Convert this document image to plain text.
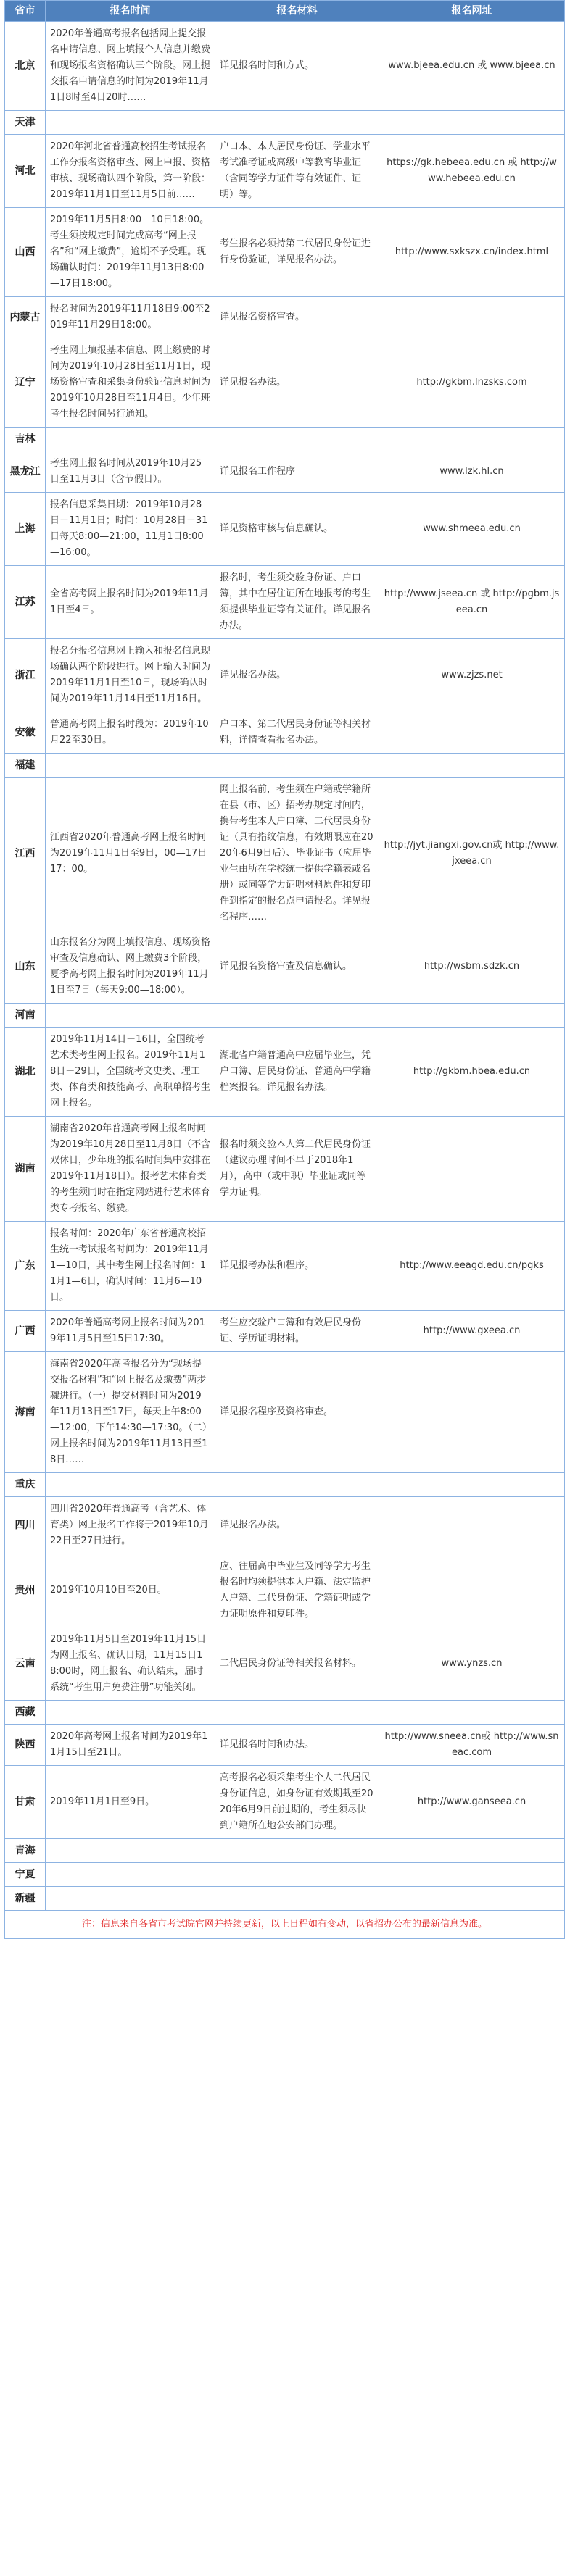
省市	报名时间	报名材料	报名网址
北京	2020年普通高考报名包括网上提交报名申请信息、网上填报个人信息并缴费和现场报名资格确认三个阶段。网上提交报名申请信息的时间为2019年11月1日8时至4日20时……	详见报名时间和方式。	www.bjeea.edu.cn 或 www.bjeea.cn
天津			
河北	2020年河北省普通高校招生考试报名工作分报名资格审查、网上申报、资格审核、现场确认四个阶段，第一阶段：2019年11月1日至11月5日前……	户口本、本人居民身份证、学业水平考试准考证或高级中等教育毕业证（含同等学力证件等有效证件、证明）等。	https://gk.hebeea.edu.cn 或 http://www.hebeea.edu.cn
山西	2019年11月5日8:00—10日18:00。考生须按规定时间完成高考“网上报名”和“网上缴费”，逾期不予受理。现场确认时间：2019年11月13日8:00—17日18:00。	考生报名必须持第二代居民身份证进行身份验证，详见报名办法。	http://www.sxkszx.cn/index.html
内蒙古	报名时间为2019年11月18日9:00至2019年11月29日18:00。	详见报名资格审查。	
辽宁	考生网上填报基本信息、网上缴费的时间为2019年10月28日至11月1日，现场资格审查和采集身份验证信息时间为2019年10月28日至11月4日。少年班考生报名时间另行通知。	详见报名办法。	http://gkbm.lnzsks.com
吉林			
黑龙江	考生网上报名时间从2019年10月25日至11月3日（含节假日）。	详见报名工作程序	www.lzk.hl.cn
上海	报名信息采集日期：2019年10月28日－11月1日；时间：10月28日－31日每天8:00—21:00，11月1日8:00—16:00。	详见资格审核与信息确认。	www.shmeea.edu.cn
江苏	全省高考网上报名时间为2019年11月1日至4日。	报名时，考生须交验身份证、户口簿，其中在居住证所在地报考的考生须提供毕业证等有关证件。详见报名办法。	http://www.jseea.cn 或 http://pgbm.jseea.cn
浙江	报名分报名信息网上输入和报名信息现场确认两个阶段进行。网上输入时间为2019年11月1日至10日，现场确认时间为2019年11月14日至11月16日。	详见报名办法。	www.zjzs.net
安徽	普通高考网上报名时段为：2019年10月22至30日。	户口本、第二代居民身份证等相关材料，详情查看报名办法。	
福建			
江西	江西省2020年普通高考网上报名时间为2019年11月1日至9日，00—17日17：00。	网上报名前，考生须在户籍或学籍所在县（市、区）招考办规定时间内，携带考生本人户口簿、二代居民身份证（具有指纹信息，有效期限应在2020年6月9日后）、毕业证书（应届毕业生由所在学校统一提供学籍表或名册）或同等学力证明材料原件和复印件到指定的报名点申请报名。详见报名程序……	http://jyt.jiangxi.gov.cn或 http://www.jxeea.cn
山东	山东报名分为网上填报信息、现场资格审查及信息确认、网上缴费3个阶段，夏季高考网上报名时间为2019年11月1日至7日（每天9:00—18:00）。	详见报名资格审查及信息确认。	http://wsbm.sdzk.cn
河南			
湖北	2019年11月14日－16日，全国统考艺术类考生网上报名。2019年11月18日－29日，全国统考文史类、理工类、体育类和技能高考、高职单招考生网上报名。	湖北省户籍普通高中应届毕业生，凭户口簿、居民身份证、普通高中学籍档案报名。详见报名办法。	http://gkbm.hbea.edu.cn
湖南	湖南省2020年普通高考网上报名时间为2019年10月28日至11月8日（不含双休日，少年班的报名时间集中安排在2019年11月18日）。报考艺术体育类的考生须同时在指定网站进行艺术体育类专考报名、缴费。	报名时须交验本人第二代居民身份证（建议办理时间不早于2018年1月），高中（或中职）毕业证或同等学力证明。	
广东	报名时间：2020年广东省普通高校招生统一考试报名时间为：2019年11月1—10日，其中考生网上报名时间：11月1—6日，确认时间：11月6—10日。	详见报考办法和程序。	http://www.eeagd.edu.cn/pgks
广西	2020年普通高考网上报名时间为2019年11月5日至15日17:30。	考生应交验户口簿和有效居民身份证、学历证明材料。	http://www.gxeea.cn
海南	海南省2020年高考报名分为“现场提交报名材料”和“网上报名及缴费”两步骤进行。（一）提交材料时间为2019年11月13日至17日，每天上午8:00—12:00，下午14:30—17:30。（二）网上报名时间为2019年11月13日至18日……	详见报名程序及资格审查。	
重庆			
四川	四川省2020年普通高考（含艺术、体育类）网上报名工作将于2019年10月22日至27日进行。	详见报名办法。	
贵州	2019年10月10日至20日。	应、往届高中毕业生及同等学力考生报名时均须提供本人户籍、法定监护人户籍、二代身份证、学籍证明或学力证明原件和复印件。	
云南	2019年11月5日至2019年11月15日为网上报名、确认日期，11月15日18:00时，网上报名、确认结束，届时系统“考生用户免费注册”功能关闭。	二代居民身份证等相关报名材料。	www.ynzs.cn
西藏			
陕西	2020年高考网上报名时间为2019年11月15日至21日。	详见报名时间和办法。	http://www.sneea.cn或 http://www.sneac.com
甘肃	2019年11月1日至9日。	高考报名必须采集考生个人二代居民身份证信息，如身份证有效期截至2020年6月9日前过期的，考生须尽快到户籍所在地公安部门办理。	http://www.ganseea.cn
青海			
宁夏			
新疆			
注：信息来自各省市考试院官网并持续更新，以上日程如有变动，以省招办公布的最新信息为准。			
